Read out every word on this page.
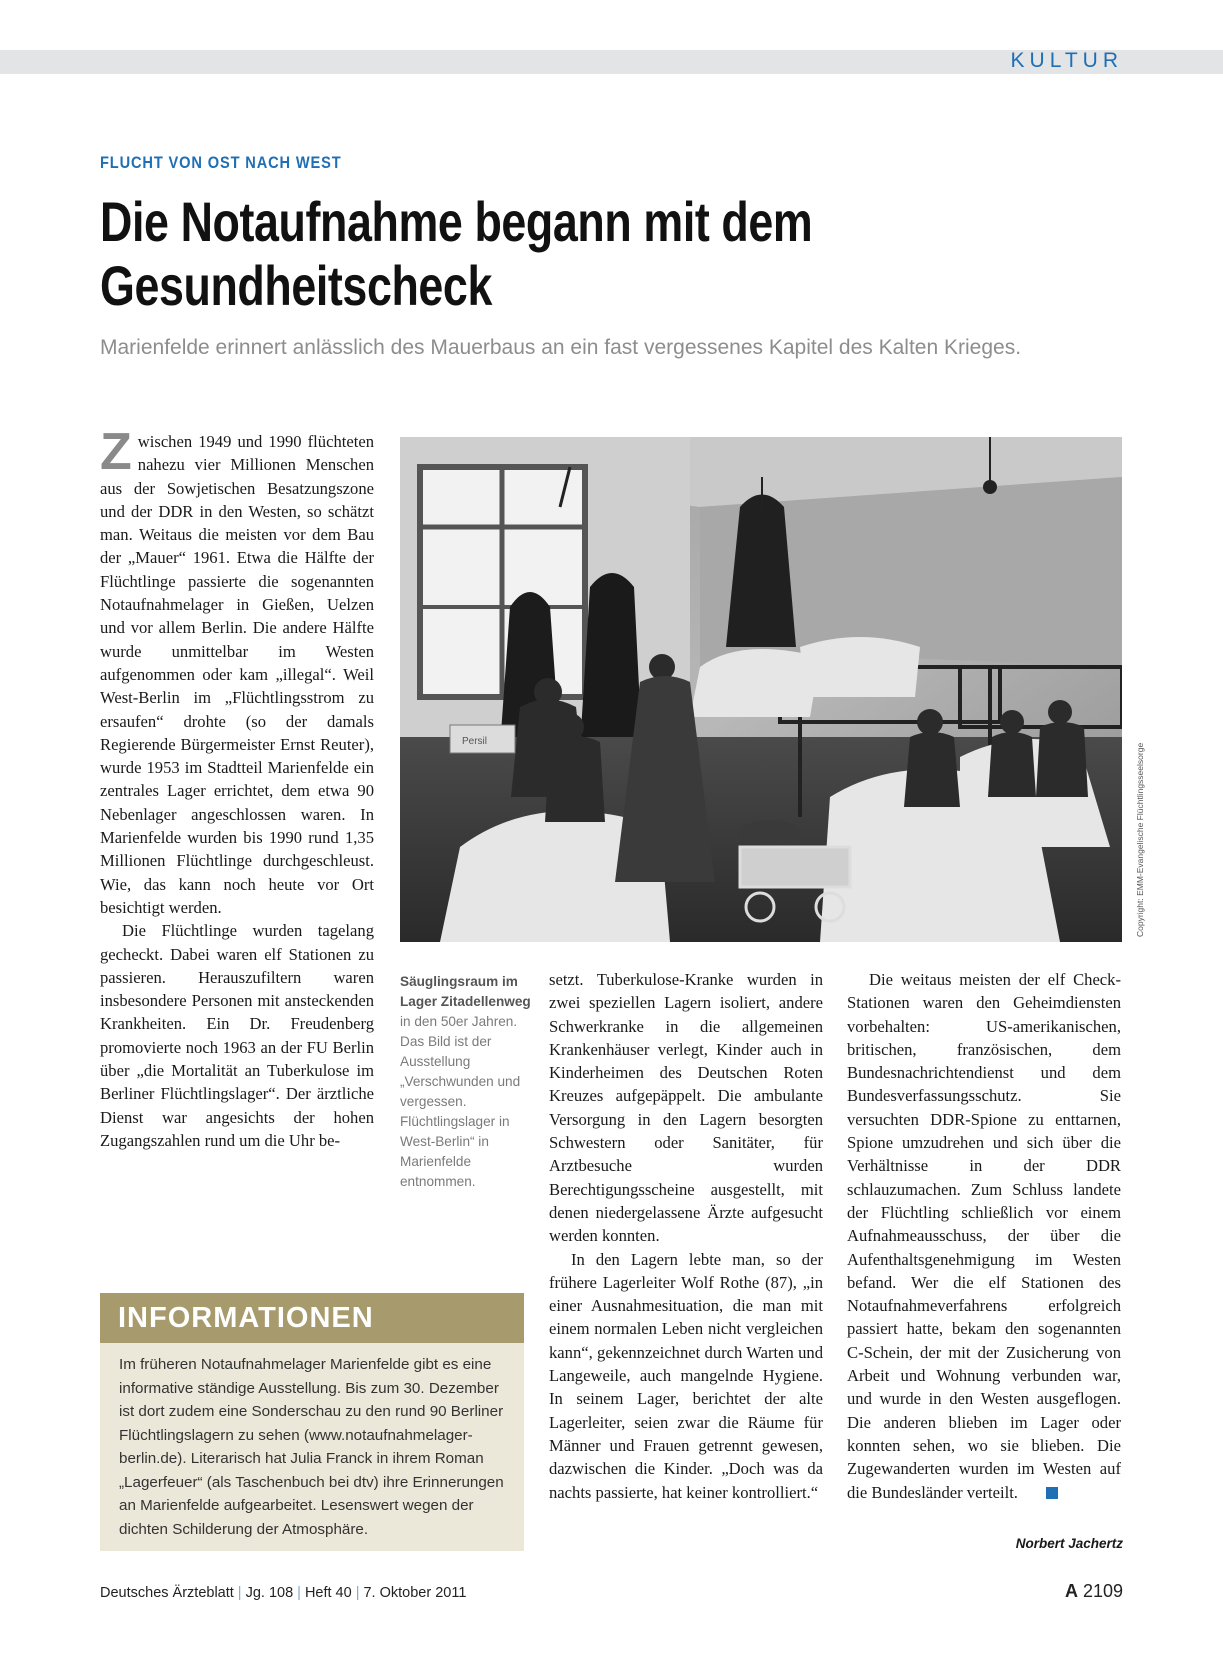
KULTUR
FLUCHT VON OST NACH WEST
Die Notaufnahme begann mit dem Gesundheitscheck
Marienfelde erinnert anlässlich des Mauerbaus an ein fast vergessenes Kapitel des Kalten Krieges.

Zwischen 1949 und 1990 flüchteten nahezu vier Millionen Menschen aus der Sowjetischen Besatzungszone und der DDR in den Westen, so schätzt man. Weitaus die meisten vor dem Bau der „Mauer“ 1961. Etwa die Hälfte der Flüchtlinge passierte die sogenannten Notaufnahmelager in Gießen, Uelzen und vor allem Berlin. Die andere Hälfte wurde unmittelbar im Westen aufgenommen oder kam „illegal“. Weil West-Berlin im „Flüchtlingsstrom zu ersaufen“ drohte (so der damals Regierende Bürgermeister Ernst Reuter), wurde 1953 im Stadtteil Marienfelde ein zentrales Lager errichtet, dem etwa 90 Nebenlager angeschlossen waren. In Marienfelde wurden bis 1990 rund 1,35 Millionen Flüchtlinge durchgeschleust. Wie, das kann noch heute vor Ort besichtigt werden.

Die Flüchtlinge wurden tagelang gecheckt. Dabei waren elf Stationen zu passieren. Herauszufiltern waren insbesondere Personen mit ansteckenden Krankheiten. Ein Dr. Freudenberg promovierte noch 1963 an der FU Berlin über „die Mortalität an Tuberkulose im Berliner Flüchtlingslager“. Der ärztliche Dienst war angesichts der hohen Zugangszahlen rund um die Uhr be-

Persil
Copyright: EMM-Evangelische Flüchtlingsseelsorge
Säuglingsraum im Lager Zitadellenweg in den 50er Jahren. Das Bild ist der Ausstellung „Verschwunden und vergessen. Flüchtlingslager in West-Berlin“ in Marienfelde entnommen.

setzt. Tuberkulose-Kranke wurden in zwei speziellen Lagern isoliert, andere Schwerkranke in die allgemeinen Krankenhäuser verlegt, Kinder auch in Kinderheimen des Deutschen Roten Kreuzes aufgepäppelt. Die ambulante Versorgung in den Lagern besorgten Schwestern oder Sanitäter, für Arztbesuche wurden Berechtigungsscheine ausgestellt, mit denen niedergelassene Ärzte aufgesucht werden konnten.

In den Lagern lebte man, so der frühere Lagerleiter Wolf Rothe (87), „in einer Ausnahmesituation, die man mit einem normalen Leben nicht vergleichen kann“, gekennzeichnet durch Warten und Langeweile, auch mangelnde Hygiene. In seinem Lager, berichtet der alte Lagerleiter, seien zwar die Räume für Männer und Frauen getrennt gewesen, dazwischen die Kinder. „Doch was da nachts passierte, hat keiner kontrolliert.“

Die weitaus meisten der elf Check-Stationen waren den Geheimdiensten vorbehalten: US-amerikanischen, britischen, französischen, dem Bundesnachrichtendienst und dem Bundesverfassungsschutz. Sie versuchten DDR-Spione zu enttarnen, Spione umzudrehen und sich über die Verhältnisse in der DDR schlauzumachen. Zum Schluss landete der Flüchtling schließlich vor einem Aufnahmeausschuss, der über die Aufenthaltsgenehmigung im Westen befand. Wer die elf Stationen des Notaufnahmeverfahrens erfolgreich passiert hatte, bekam den sogenannten C-Schein, der mit der Zusicherung von Arbeit und Wohnung verbunden war, und wurde in den Westen ausgeflogen. Die anderen blieben im Lager oder konnten sehen, wo sie blieben. Die Zugewanderten wurden im Westen auf die Bundesländer verteilt.

Norbert Jachertz
INFORMATIONEN
Im früheren Notaufnahmelager Marienfelde gibt es eine informative ständige Ausstellung. Bis zum 30. Dezember ist dort zudem eine Sonderschau zu den rund 90 Berliner Flüchtlingslagern zu sehen (www.notaufnahmelager-berlin.de). Literarisch hat Julia Franck in ihrem Roman „Lagerfeuer“ (als Taschenbuch bei dtv) ihre Erinnerungen an Marienfelde aufgearbeitet. Lesenswert wegen der dichten Schilderung der Atmosphäre.
Deutsches Ärzteblatt | Jg. 108 | Heft 40 | 7. Oktober 2011	A 2109
